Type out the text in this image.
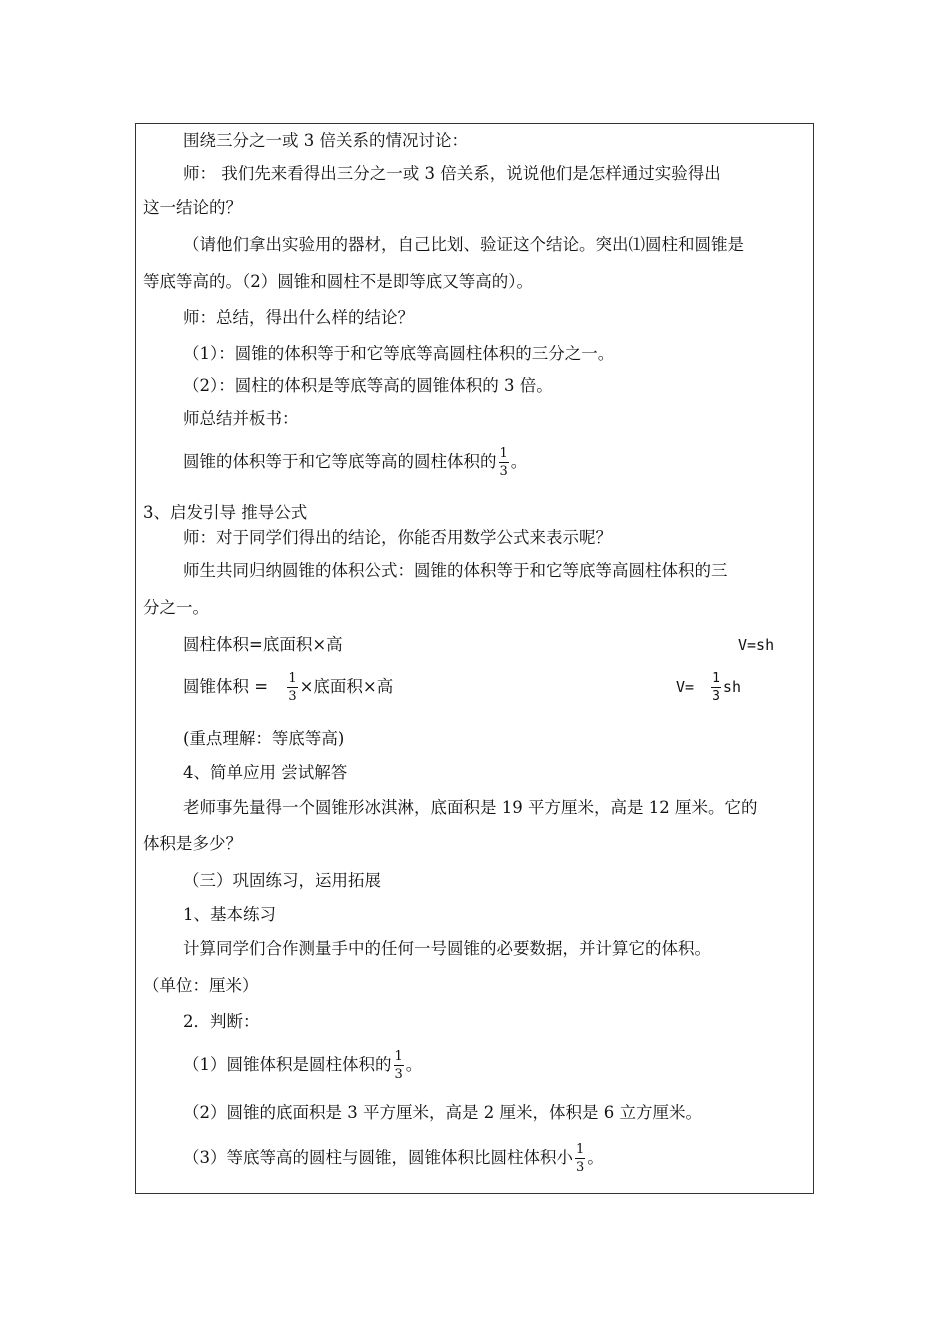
围绕三分之一或 3 倍关系的情况讨论：
师： 我们先来看得出三分之一或 3 倍关系，说说他们是怎样通过实验得出
这一结论的？
（请他们拿出实验用的器材，自己比划、验证这个结论。突出⑴圆柱和圆锥是
等底等高的。（2）圆锥和圆柱不是即等底又等高的）。
师：总结，得出什么样的结论？
（1）：圆锥的体积等于和它等底等高圆柱体积的三分之一。
（2）：圆柱的体积是等底等高的圆锥体积的 3 倍。
师总结并板书：
圆锥的体积等于和它等底等高的圆柱体积的 $\frac{1}{3}$ 。
3、启发引导 推导公式
师：对于同学们得出的结论，你能否用数学公式来表示呢？
师生共同归纳圆锥的体积公式：圆锥的体积等于和它等底等高圆柱体积的三
分之一。
圆柱体积=底面积×高	V=sh
圆锥体积 = $\frac{1}{3}$ ×底面积×高	$V= \frac{1}{3}$ sh
(重点理解：等底等高)
4、简单应用 尝试解答
老师事先量得一个圆锥形冰淇淋，底面积是 19 平方厘米，高是 12 厘米。它的
体积是多少？
（三）巩固练习，运用拓展
1、基本练习
计算同学们合作测量手中的任何一号圆锥的必要数据，并计算它的体积。
（单位：厘米）
2．判断：
（1）圆锥体积是圆柱体积的 $\frac{1}{3}$ 。
（2）圆锥的底面积是 3 平方厘米，高是 2 厘米，体积是 6 立方厘米。
（3）等底等高的圆柱与圆锥，圆锥体积比圆柱体积小 $\frac{1}{3}$ 。
